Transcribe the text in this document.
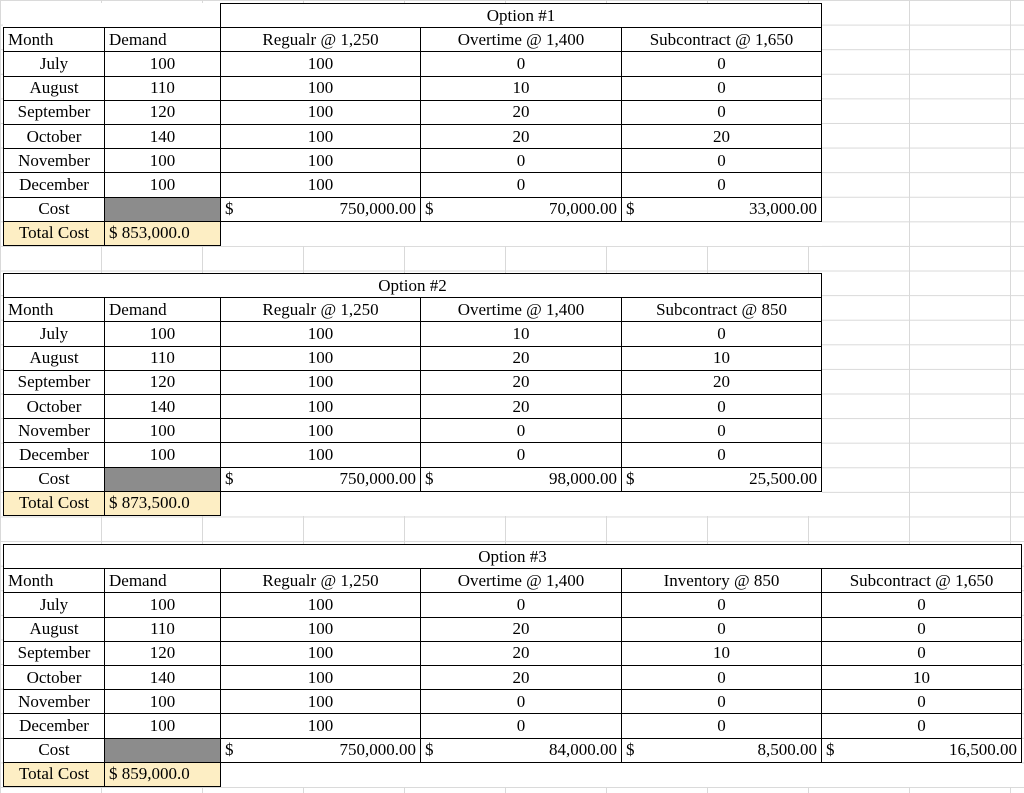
		Option #1		
Month	Demand	Regualr @ 1,250	Overtime @ 1,400	Subcontract @ 1,650
July	100	100	0	0
August	110	100	10	0
September	120	100	20	0
October	140	100	20	20
November	100	100	0	0
December	100	100	0	0
Cost		$ 750,000.00	$ 70,000.00	$ 33,000.00

Total Cost	$ 853,000.0			
Option #2				
Month	Demand	Regualr @ 1,250	Overtime @ 1,400	Subcontract @ 850
July	100	100	10	0
August	110	100	20	10
September	120	100	20	20
October	140	100	20	0
November	100	100	0	0
December	100	100	0	0
Cost		$ 750,000.00	$ 98,000.00	$ 25,500.00

Total Cost	$ 873,500.0			
Option #3					
Month	Demand	Regualr @ 1,250	Overtime @ 1,400	Inventory @ 850	Subcontract @ 1,650
July	100	100	0	0	0
August	110	100	20	0	0
September	120	100	20	10	0
October	140	100	20	0	10
November	100	100	0	0	0
December	100	100	0	0	0
Cost		$ 750,000.00	$ 84,000.00	$ 8,500.00	$ 16,500.00

Total Cost	$ 859,000.0				
